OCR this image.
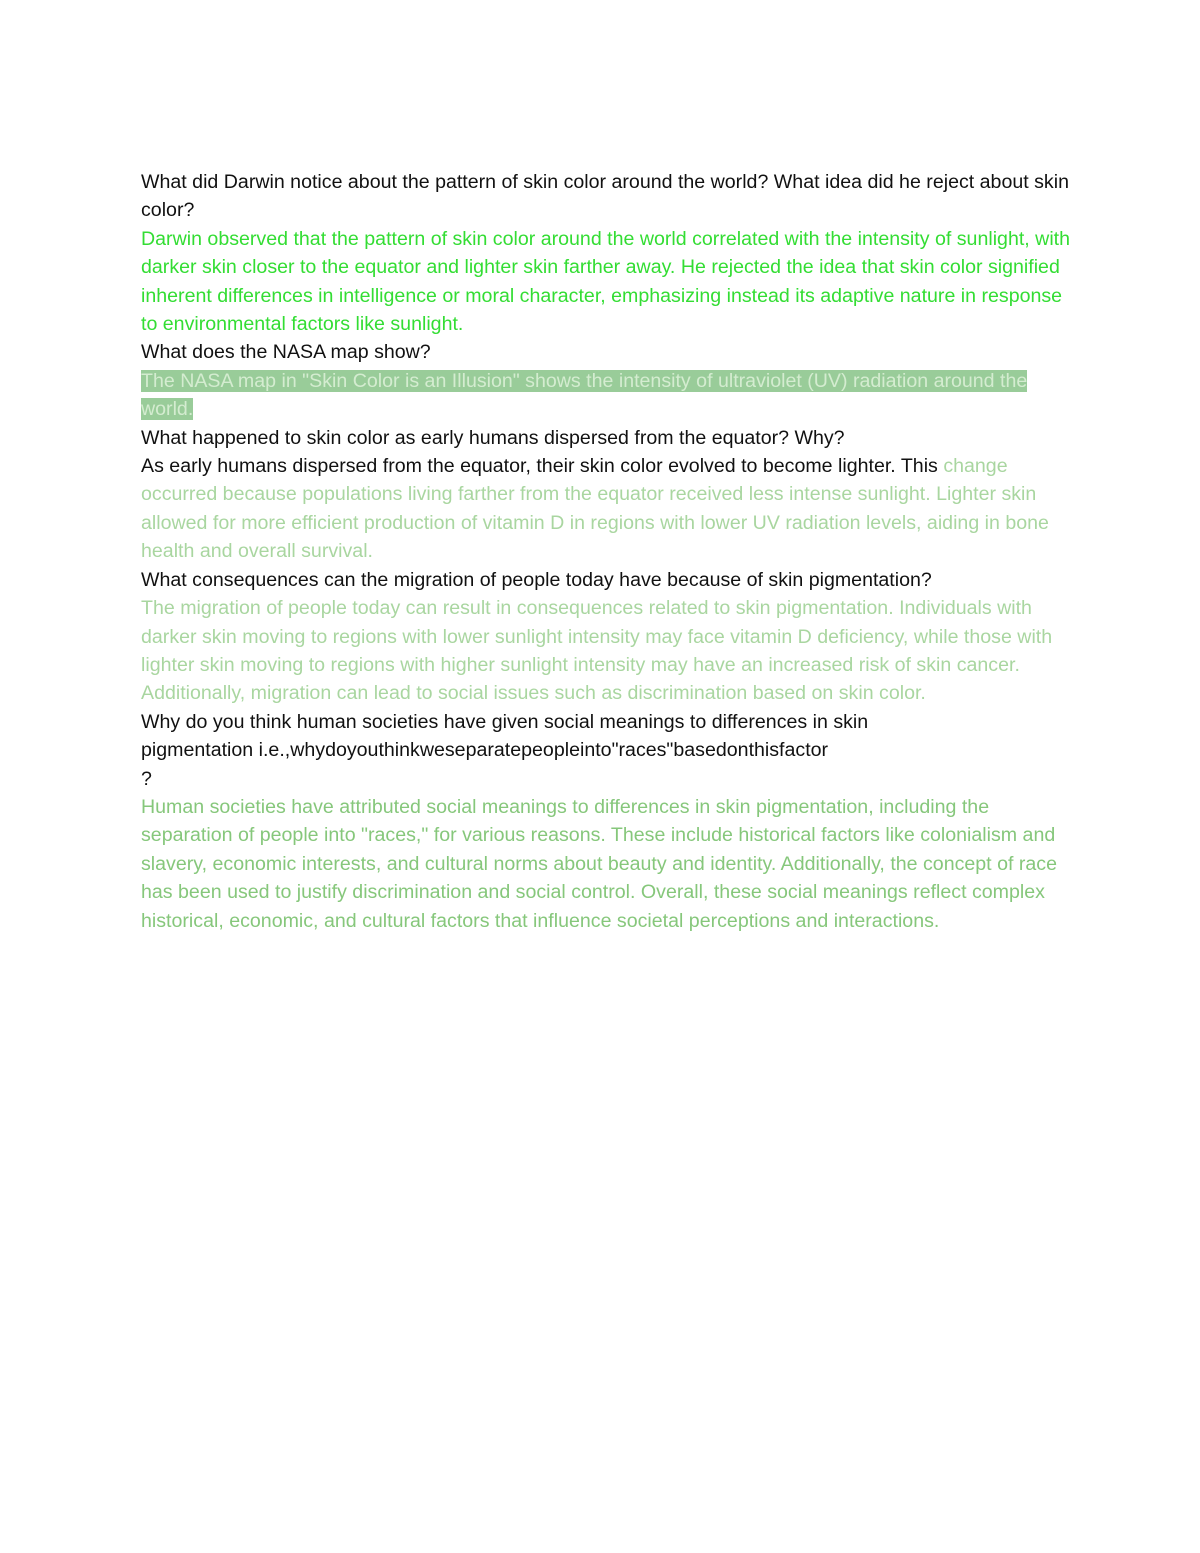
What did Darwin notice about the pattern of skin color around the world? What idea did he reject about skin color?

Darwin observed that the pattern of skin color around the world correlated with the intensity of sunlight, with darker skin closer to the equator and lighter skin farther away. He rejected the idea that skin color signified inherent differences in intelligence or moral character, emphasizing instead its adaptive nature in response to environmental factors like sunlight.

What does the NASA map show?

The NASA map in "Skin Color is an Illusion" shows the intensity of ultraviolet (UV) radiation around the world.

What happened to skin color as early humans dispersed from the equator? Why?

As early humans dispersed from the equator, their skin color evolved to become lighter. This change occurred because populations living farther from the equator received less intense sunlight. Lighter skin allowed for more efficient production of vitamin D in regions with lower UV radiation levels, aiding in bone health and overall survival.

What consequences can the migration of people today have because of skin pigmentation?

The migration of people today can result in consequences related to skin pigmentation. Individuals with darker skin moving to regions with lower sunlight intensity may face vitamin D deficiency, while those with lighter skin moving to regions with higher sunlight intensity may have an increased risk of skin cancer. Additionally, migration can lead to social issues such as discrimination based on skin color.

Why do you think human societies have given social meanings to differences in skin
pigmentation i.e.,whydoyouthinkweseparatepeopleinto"races"basedonthisfactor
?

Human societies have attributed social meanings to differences in skin pigmentation, including the separation of people into "races," for various reasons. These include historical factors like colonialism and slavery, economic interests, and cultural norms about beauty and identity. Additionally, the concept of race has been used to justify discrimination and social control. Overall, these social meanings reflect complex historical, economic, and cultural factors that influence societal perceptions and interactions.
